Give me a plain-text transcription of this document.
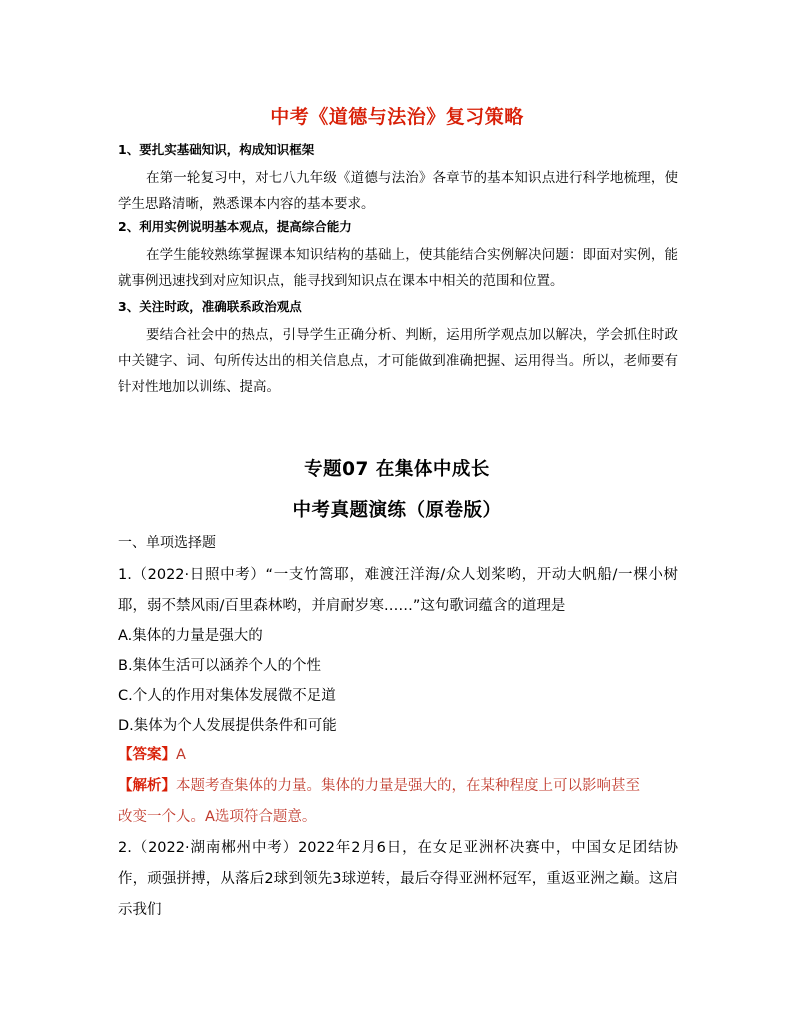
中考《道德与法治》复习策略
1、要扎实基础知识，构成知识框架
在第一轮复习中，对七八九年级《道德与法治》各章节的基本知识点进行科学地梳理，使学生思路清晰，熟悉课本内容的基本要求。
2、利用实例说明基本观点，提高综合能力
在学生能较熟练掌握课本知识结构的基础上，使其能结合实例解决问题：即面对实例，能就事例迅速找到对应知识点，能寻找到知识点在课本中相关的范围和位置。
3、关注时政，准确联系政治观点
要结合社会中的热点，引导学生正确分析、判断，运用所学观点加以解决，学会抓住时政中关键字、词、句所传达出的相关信息点，才可能做到准确把握、运用得当。所以，老师要有针对性地加以训练、提高。
专题07 在集体中成长
中考真题演练（原卷版）
一、单项选择题
1.（2022·日照中考）“一支竹篙耶，难渡汪洋海/众人划桨哟，开动大帆船/一棵小树耶，弱不禁风雨/百里森林哟，并肩耐岁寒……”这句歌词蕴含的道理是
A.集体的力量是强大的
B.集体生活可以涵养个人的个性
C.个人的作用对集体发展微不足道
D.集体为个人发展提供条件和可能
【答案】A
【解析】本题考查集体的力量。集体的力量是强大的，在某种程度上可以影响甚至
改变一个人。A选项符合题意。
2.（2022·湖南郴州中考）2022年2月6日，在女足亚洲杯决赛中，中国女足团结协作，顽强拼搏，从落后2球到领先3球逆转，最后夺得亚洲杯冠军，重返亚洲之巅。这启示我们
